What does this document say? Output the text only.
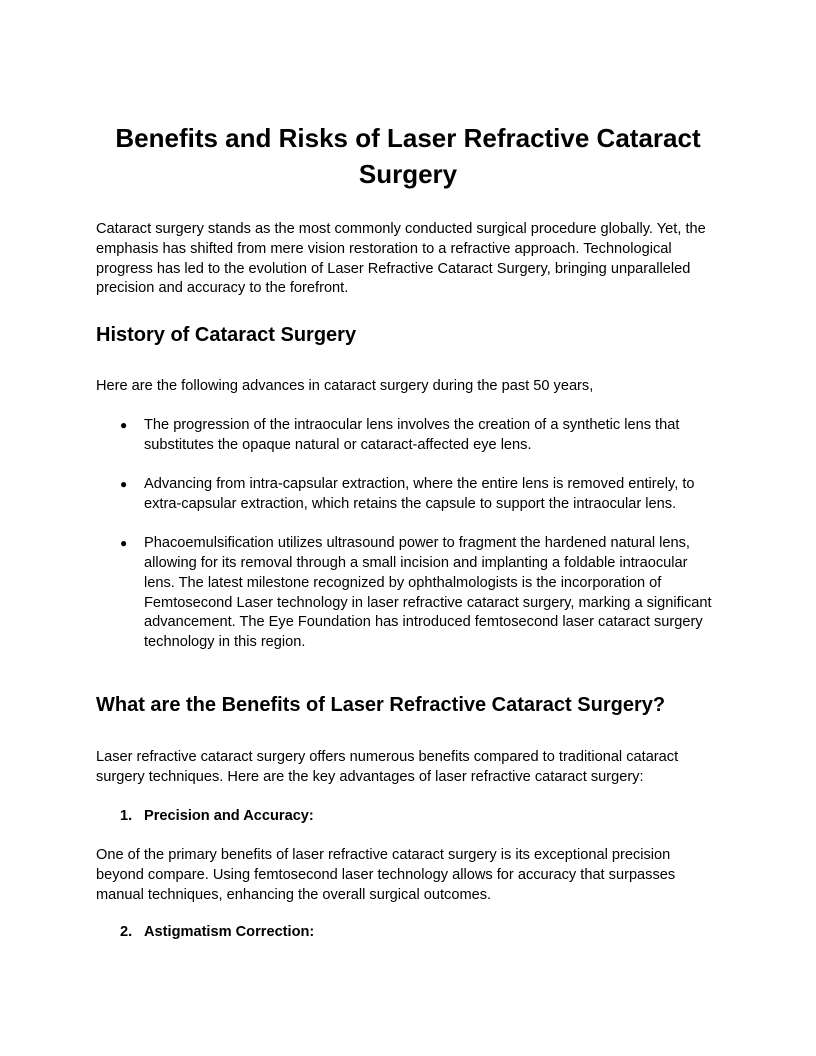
Benefits and Risks of Laser Refractive Cataract Surgery

Cataract surgery stands as the most commonly conducted surgical procedure globally. Yet, the emphasis has shifted from mere vision restoration to a refractive approach. Technological progress has led to the evolution of Laser Refractive Cataract Surgery, bringing unparalleled precision and accuracy to the forefront.

History of Cataract Surgery

Here are the following advances in cataract surgery during the past 50 years,

● The progression of the intraocular lens involves the creation of a synthetic lens that substitutes the opaque natural or cataract-affected eye lens.
● Advancing from intra-capsular extraction, where the entire lens is removed entirely, to extra-capsular extraction, which retains the capsule to support the intraocular lens.
● Phacoemulsification utilizes ultrasound power to fragment the hardened natural lens, allowing for its removal through a small incision and implanting a foldable intraocular lens. The latest milestone recognized by ophthalmologists is the incorporation of Femtosecond Laser technology in laser refractive cataract surgery, marking a significant advancement. The Eye Foundation has introduced femtosecond laser cataract surgery technology in this region.
What are the Benefits of Laser Refractive Cataract Surgery?

Laser refractive cataract surgery offers numerous benefits compared to traditional cataract surgery techniques. Here are the key advantages of laser refractive cataract surgery:

1. Precision and Accuracy:

One of the primary benefits of laser refractive cataract surgery is its exceptional precision beyond compare. Using femtosecond laser technology allows for accuracy that surpasses manual techniques, enhancing the overall surgical outcomes.

2. Astigmatism Correction:
